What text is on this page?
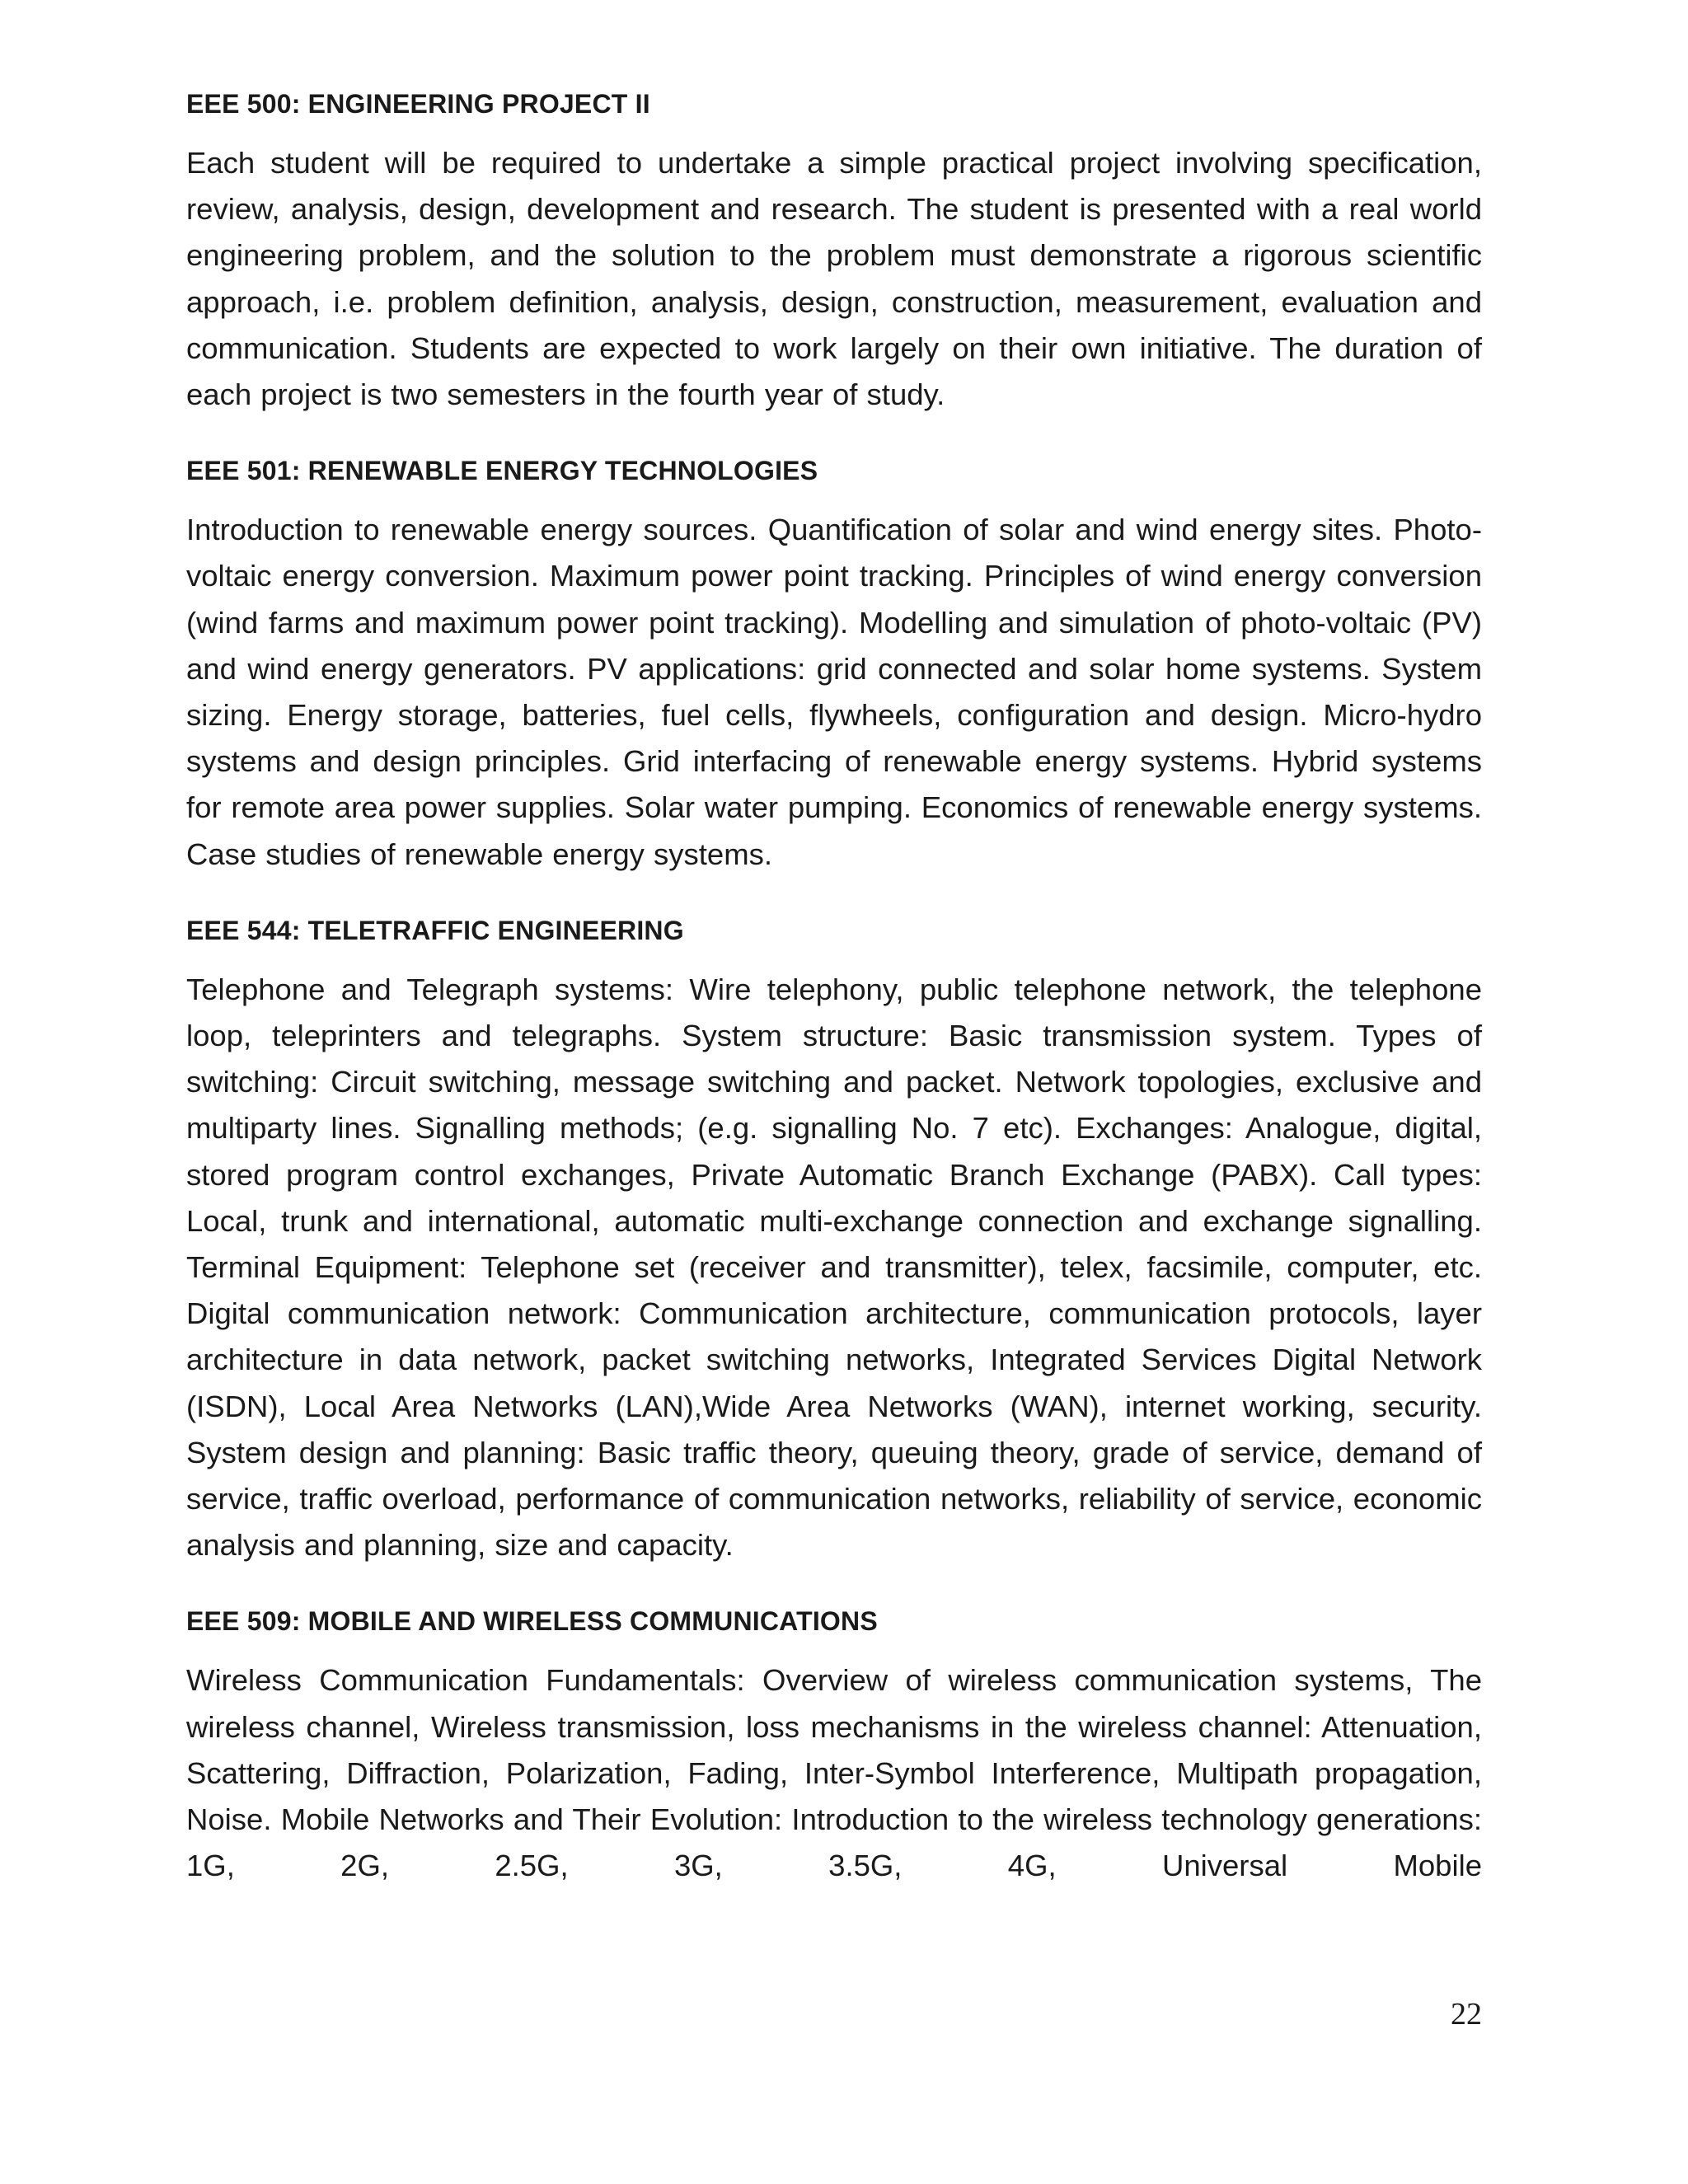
EEE 500: ENGINEERING PROJECT II

Each student will be required to undertake a simple practical project involving specification, review, analysis, design, development and research. The student is presented with a real world engineering problem, and the solution to the problem must demonstrate a rigorous scientific approach, i.e. problem definition, analysis, design, construction, measurement, evaluation and communication. Students are expected to work largely on their own initiative. The duration of each project is two semesters in the fourth year of study.

EEE 501: RENEWABLE ENERGY TECHNOLOGIES

Introduction to renewable energy sources. Quantification of solar and wind energy sites. Photo-voltaic energy conversion. Maximum power point tracking. Principles of wind energy conversion (wind farms and maximum power point tracking). Modelling and simulation of photo-voltaic (PV) and wind energy generators. PV applications: grid connected and solar home systems. System sizing. Energy storage, batteries, fuel cells, flywheels, configuration and design. Micro-hydro systems and design principles. Grid interfacing of renewable energy systems. Hybrid systems for remote area power supplies. Solar water pumping. Economics of renewable energy systems. Case studies of renewable energy systems.

EEE 544: TELETRAFFIC ENGINEERING

Telephone and Telegraph systems: Wire telephony, public telephone network, the telephone loop, teleprinters and telegraphs. System structure: Basic transmission system. Types of switching: Circuit switching, message switching and packet. Network topologies, exclusive and multiparty lines. Signalling methods; (e.g. signalling No. 7 etc). Exchanges: Analogue, digital, stored program control exchanges, Private Automatic Branch Exchange (PABX). Call types: Local, trunk and international, automatic multi-exchange connection and exchange signalling. Terminal Equipment: Telephone set (receiver and transmitter), telex, facsimile, computer, etc. Digital communication network: Communication architecture, communication protocols, layer architecture in data network, packet switching networks, Integrated Services Digital Network (ISDN), Local Area Networks (LAN),Wide Area Networks (WAN), internet working, security. System design and planning: Basic traffic theory, queuing theory, grade of service, demand of service, traffic overload, performance of communication networks, reliability of service, economic analysis and planning, size and capacity.

EEE 509: MOBILE AND WIRELESS COMMUNICATIONS

Wireless Communication Fundamentals: Overview of wireless communication systems, The wireless channel, Wireless transmission, loss mechanisms in the wireless channel: Attenuation, Scattering, Diffraction, Polarization, Fading, Inter-Symbol Interference, Multipath propagation, Noise. Mobile Networks and Their Evolution: Introduction to the wireless technology generations: 1G, 2G, 2.5G, 3G, 3.5G, 4G, Universal Mobile

22
